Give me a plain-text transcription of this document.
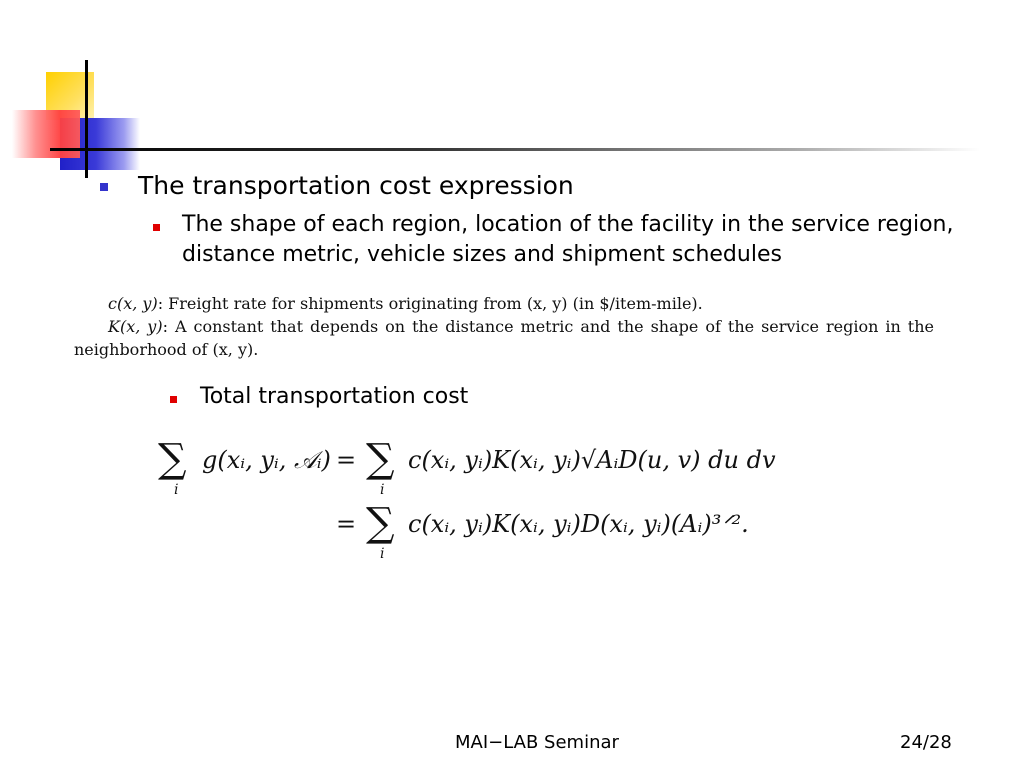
The transportation cost expression
The shape of each region, location of the facility in the service region, distance metric, vehicle sizes and shipment schedules
c(x, y): Freight rate for shipments originating from (x, y) (in $/item-mile).
K(x, y): A constant that depends on the distance metric and the shape of the service region in the
neighborhood of (x, y).
Total transportation cost
∑
i
g(xᵢ, yᵢ, 𝒜ᵢ) = ∑
i
c(xᵢ, yᵢ)K(xᵢ, yᵢ)√AᵢD(u, v) du dv
= ∑
i
c(xᵢ, yᵢ)K(xᵢ, yᵢ)D(xᵢ, yᵢ)(Aᵢ)³ᐟ².
MAI−LAB Seminar	24/28
